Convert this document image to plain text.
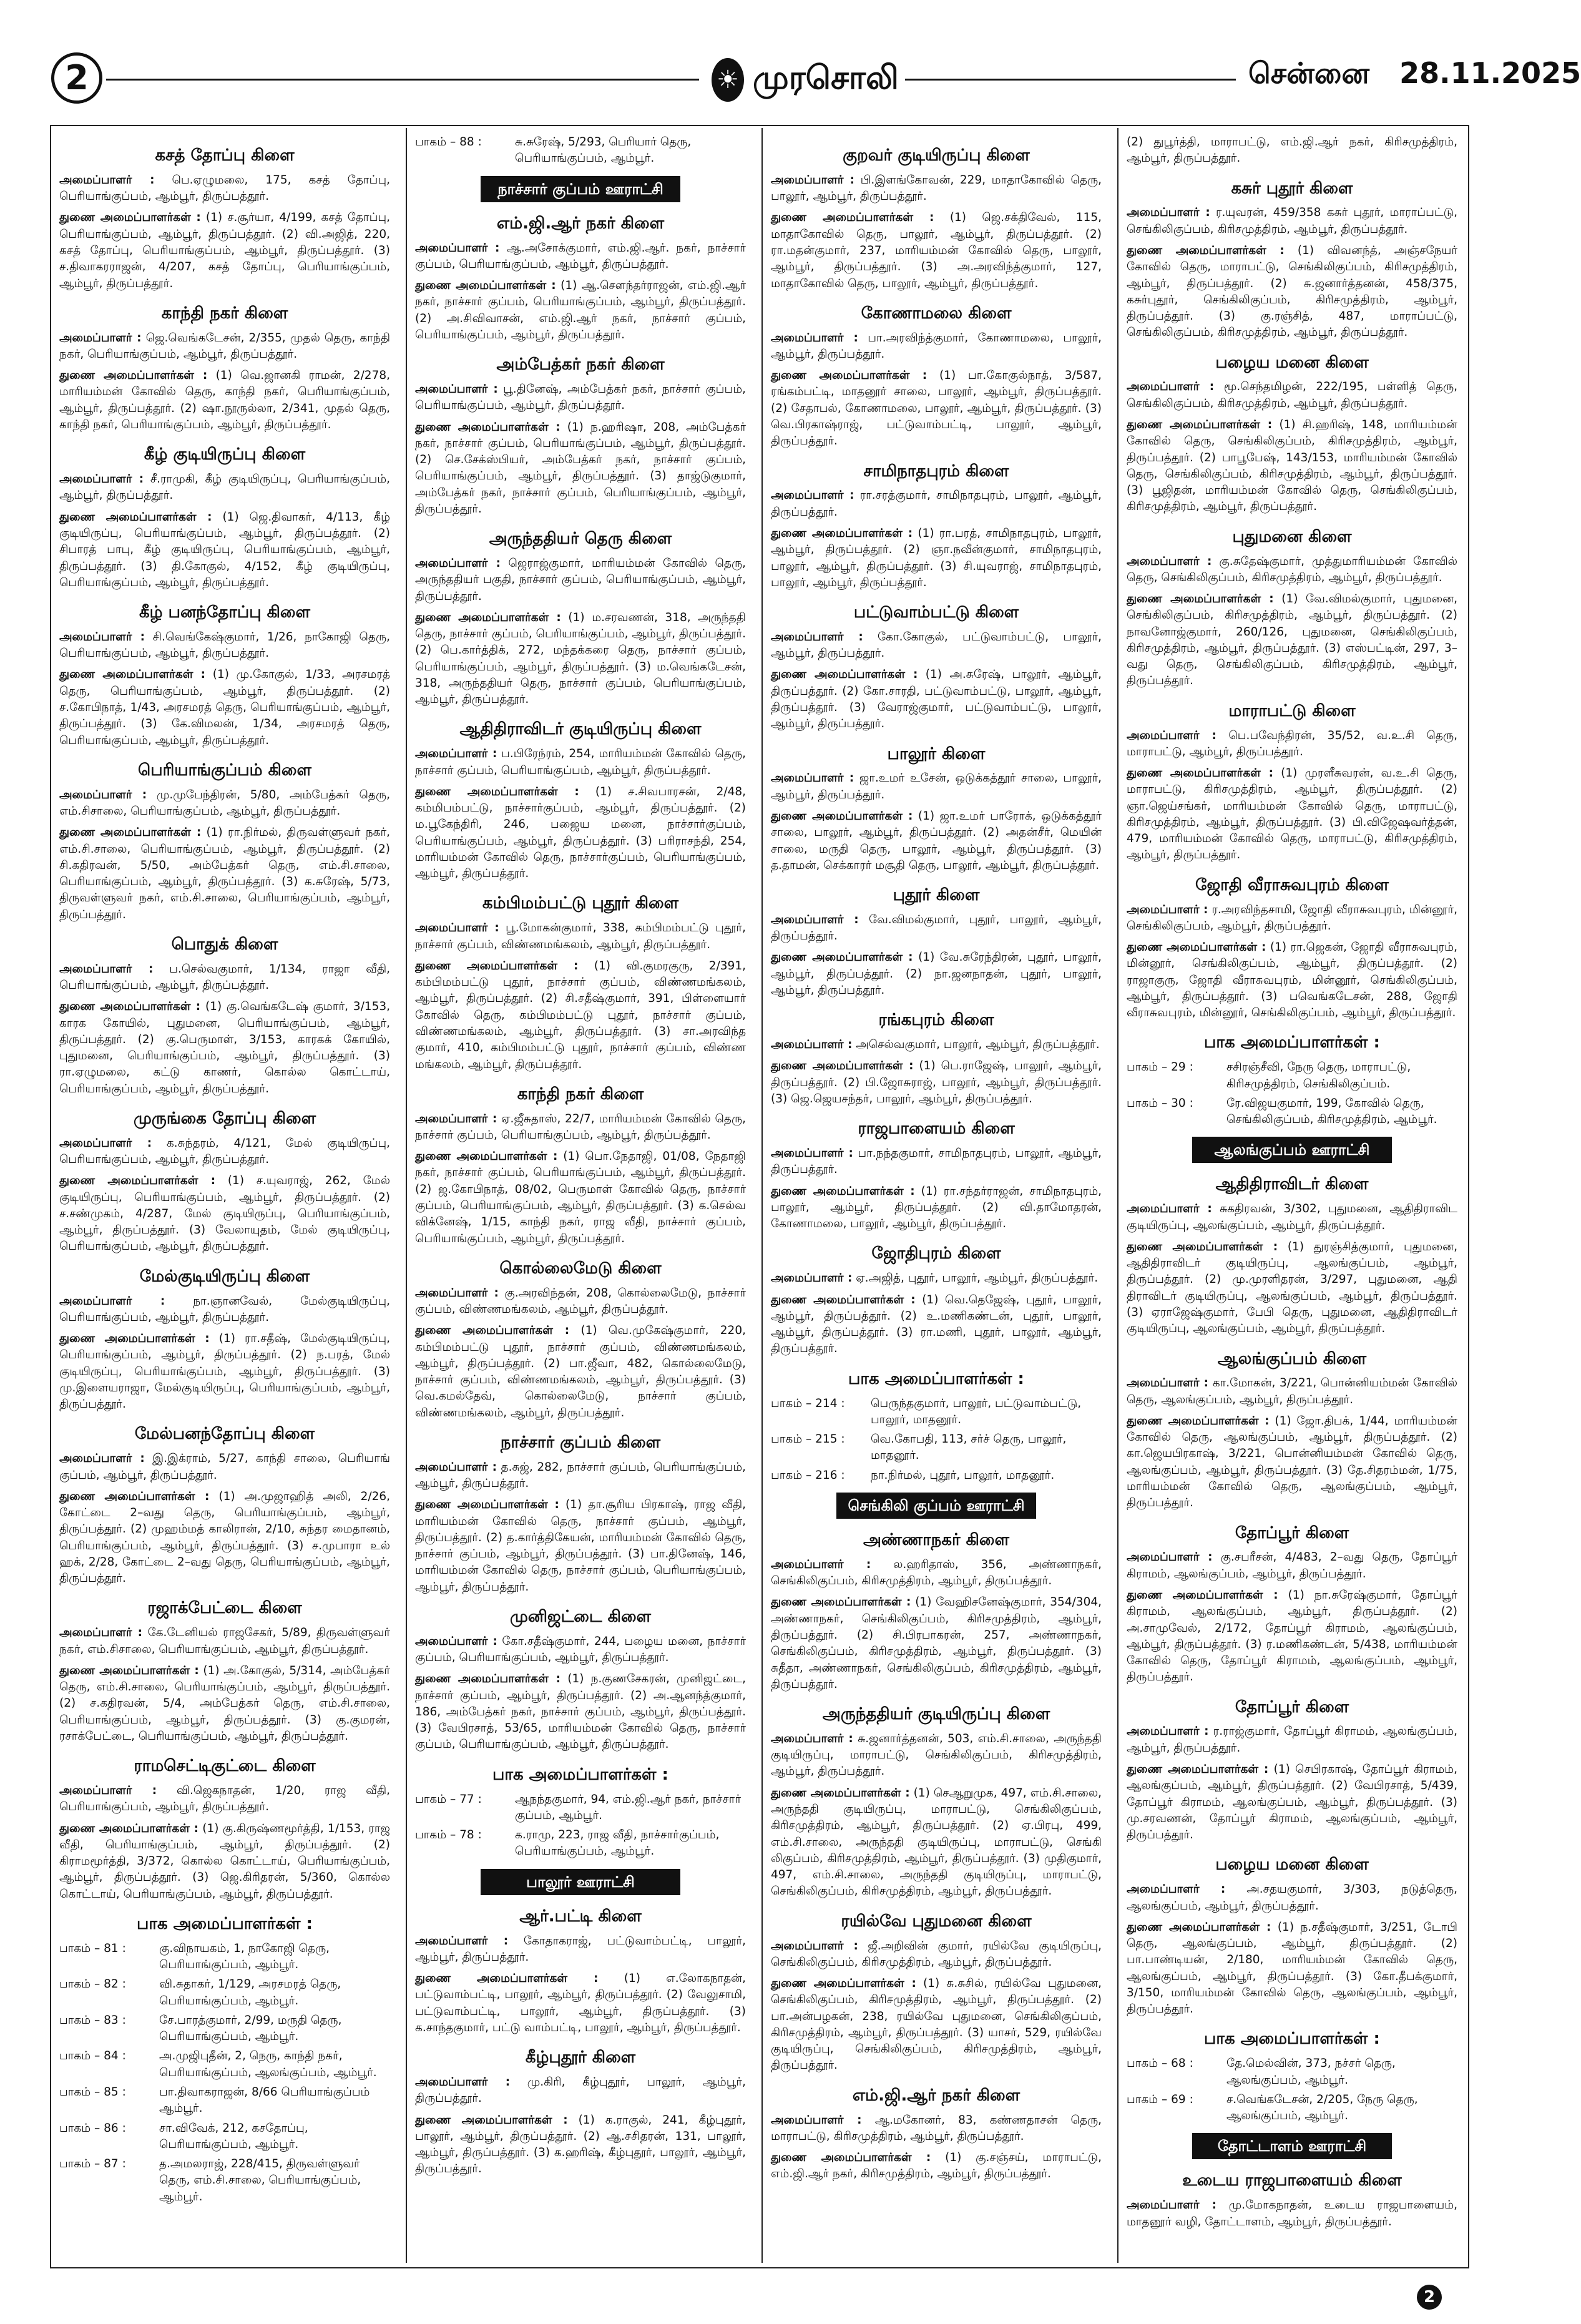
2	☀ முரசொலி	சென்னை 28.11.2025
கசத் தோப்பு கிளை
அமைப்பாளர் : பெ.ஏழுமலை, 175, கசத் தோப்பு, பெரியாங்குப்பம், ஆம்பூர், திருப்பத்தூர்.
துணை அமைப்பாளர்கள் : (1) ச.சூர்யா, 4/199, கசத் தோப்பு, பெரியாங்குப்பம், ஆம்பூர், திருப்பத்தூர். (2) வி.அஜித், 220, கசத் தோப்பு, பெரியாங்குப்பம், ஆம்பூர், திருப்பத்தூர். (3) ச.திவாகரராஜன், 4/207, கசத் தோப்பு, பெரியாங்குப்பம், ஆம்பூர், திருப்பத்தூர்.
காந்தி நகர் கிளை
அமைப்பாளர் : ஜெ.வெங்கடேசன், 2/355, முதல் தெரு, காந்தி நகர், பெரியாங்குப்பம், ஆம்பூர், திருப்பத்தூர்.
துணை அமைப்பாளர்கள் : (1) வெ.ஜானகி ராமன், 2/278, மாரியம்மன் கோவில் தெரு, காந்தி நகர், பெரியாங்குப்பம், ஆம்பூர், திருப்பத்தூர். (2) ஷா.நூருல்லா, 2/341, முதல் தெரு, காந்தி நகர், பெரியாங்குப்பம், ஆம்பூர், திருப்பத்தூர்.
கீழ் குடியிருப்பு கிளை
அமைப்பாளர் : சீ.ராமுகி, கீழ் குடியிருப்பு, பெரியாங்குப்பம், ஆம்பூர், திருப்பத்தூர்.
துணை அமைப்பாளர்கள் : (1) ஜெ.திவாகர், 4/113, கீழ் குடியிருப்பு, பெரியாங்குப்பம், ஆம்பூர், திருப்பத்தூர். (2) சிபாரத் பாபு, கீழ் குடியிருப்பு, பெரியாங்குப்பம், ஆம்பூர், திருப்பத்தூர். (3) தி.கோகுல், 4/152, கீழ் குடியிருப்பு, பெரியாங்குப்பம், ஆம்பூர், திருப்பத்தூர்.
கீழ் பனந்தோப்பு கிளை
அமைப்பாளர் : சி.வெங்கேஷ்குமார், 1/26, நாகோஜி தெரு, பெரியாங்குப்பம், ஆம்பூர், திருப்பத்தூர்.
துணை அமைப்பாளர்கள் : (1) மு.கோகுல், 1/33, அரசமரத் தெரு, பெரியாங்குப்பம், ஆம்பூர், திருப்பத்தூர். (2) ச.கோபிநாத், 1/43, அரசமரத் தெரு, பெரியாங்குப்பம், ஆம்பூர், திருப்பத்தூர். (3) கே.விமலன், 1/34, அரசமரத் தெரு, பெரியாங்குப்பம், ஆம்பூர், திருப்பத்தூர்.
பெரியாங்குப்பம் கிளை
அமைப்பாளர் : மு.முபேந்திரன், 5/80, அம்பேத்கர் தெரு, எம்.சிசாலை, பெரியாங்குப்பம், ஆம்பூர், திருப்பத்தூர்.
துணை அமைப்பாளர்கள் : (1) ரா.நிர்மல், திருவள்ளுவர் நகர், எம்.சி.சாலை, பெரியாங்குப்பம், ஆம்பூர், திருப்பத்தூர். (2) சி.கதிரவன், 5/50, அம்பேத்கர் தெரு, எம்.சி.சாலை, பெரியாங்குப்பம், ஆம்பூர், திருப்பத்தூர். (3) க.சுரேஷ், 5/73, திருவள்ளுவர் நகர், எம்.சி.சாலை, பெரியாங்குப்பம், ஆம்பூர், திருப்பத்தூர்.
பொதுக் கிளை
அமைப்பாளர் : ப.செல்வகுமார், 1/134, ராஜா வீதி, பெரியாங்குப்பம், ஆம்பூர், திருப்பத்தூர்.
துணை அமைப்பாளர்கள் : (1) கு.வெங்கடேஷ் குமார், 3/153, காரக கோயில், புதுமனை, பெரியாங்குப்பம், ஆம்பூர், திருப்பத்தூர். (2) கு.பெருமாள், 3/153, காரகக் கோயில், புதுமனை, பெரியாங்குப்பம், ஆம்பூர், திருப்பத்தூர். (3) ரா.ஏழுமலை, கட்டு காணர், கொல்ல கொட்டாய், பெரியாங்குப்பம், ஆம்பூர், திருப்பத்தூர்.
முருங்கை தோப்பு கிளை
அமைப்பாளர் : க.சுந்தரம், 4/121, மேல் குடியிருப்பு, பெரியாங்குப்பம், ஆம்பூர், திருப்பத்தூர்.
துணை அமைப்பாளர்கள் : (1) ச.யுவராஜ், 262, மேல் குடியிருப்பு, பெரியாங்குப்பம், ஆம்பூர், திருப்பத்தூர். (2) ச.சண்முகம், 4/287, மேல் குடியிருப்பு, பெரியாங்குப்பம், ஆம்பூர், திருப்பத்தூர். (3) வேலாயுதம், மேல் குடியிருப்பு, பெரியாங்குப்பம், ஆம்பூர், திருப்பத்தூர்.
மேல்குடியிருப்பு கிளை
அமைப்பாளர் : நா.ஞானவேல், மேல்குடியிருப்பு, பெரியாங்குப்பம், ஆம்பூர், திருப்பத்தூர்.
துணை அமைப்பாளர்கள் : (1) ரா.சதீஷ், மேல்குடியிருப்பு, பெரியாங்குப்பம், ஆம்பூர், திருப்பத்தூர். (2) ந.பரத், மேல் குடியிருப்பு, பெரியாங்குப்பம், ஆம்பூர், திருப்பத்தூர். (3) மு.இளையராஜா, மேல்குடியிருப்பு, பெரியாங்குப்பம், ஆம்பூர், திருப்பத்தூர்.
மேல்பனந்தோப்பு கிளை
அமைப்பாளர் : இ.இக்ராம், 5/27, காந்தி சாலை, பெரியாங் குப்பம், ஆம்பூர், திருப்பத்தூர்.
துணை அமைப்பாளர்கள் : (1) அ.முஜாஹித் அலி, 2/26, கோட்டை 2–வது தெரு, பெரியாங்குப்பம், ஆம்பூர், திருப்பத்தூர். (2) முஹம்மத் காலிரான், 2/10, சுந்தர மைதானம், பெரியாங்குப்பம், ஆம்பூர், திருப்பத்தூர். (3) ச.முபாரா உல் ஹக், 2/28, கோட்டை 2–வது தெரு, பெரியாங்குப்பம், ஆம்பூர், திருப்பத்தூர்.
ரஜாக்பேட்டை கிளை
அமைப்பாளர் : கே.டேனியல் ராஜசேகர், 5/89, திருவள்ளுவர் நகர், எம்.சிசாலை, பெரியாங்குப்பம், ஆம்பூர், திருப்பத்தூர்.
துணை அமைப்பாளர்கள் : (1) அ.கோகுல், 5/314, அம்பேத்கர் தெரு, எம்.சி.சாலை, பெரியாங்குப்பம், ஆம்பூர், திருப்பத்தூர். (2) ச.கதிரவன், 5/4, அம்பேத்கர் தெரு, எம்.சி.சாலை, பெரியாங்குப்பம், ஆம்பூர், திருப்பத்தூர். (3) கு.குமரன், ரசாக்பேட்டை, பெரியாங்குப்பம், ஆம்பூர், திருப்பத்தூர்.
ராமசெட்டிகுட்டை கிளை
அமைப்பாளர் : வி.ஜெகநாதன், 1/20, ராஜ வீதி, பெரியாங்குப்பம், ஆம்பூர், திருப்பத்தூர்.
துணை அமைப்பாளர்கள் : (1) கு.கிருஷ்ணமூர்த்தி, 1/153, ராஜ வீதி, பெரியாங்குப்பம், ஆம்பூர், திருப்பத்தூர். (2) கிராமமூர்த்தி, 3/372, கொல்ல கொட்டாய், பெரியாங்குப்பம், ஆம்பூர், திருப்பத்தூர். (3) ஜெ.கிரிதரன், 5/360, கொல்ல கொட்டாய், பெரியாங்குப்பம், ஆம்பூர், திருப்பத்தூர்.
பாக அமைப்பாளர்கள் :
பாகம் – 81 :	கு.விநாயகம், 1, நாகோஜி தெரு, பெரியாங்குப்பம், ஆம்பூர்.
பாகம் – 82 :	வி.சுதாகர், 1/129, அரசமரத் தெரு, பெரியாங்குப்பம், ஆம்பூர்.
பாகம் – 83 :	சே.பாரத்குமார், 2/99, மருதி தெரு, பெரியாங்குப்பம், ஆம்பூர்.
பாகம் – 84 :	அ.முஜிபுதீன், 2, நெரு, காந்தி நகர், பெரியாங்குப்பம், ஆலங்குப்பம், ஆம்பூர்.
பாகம் – 85 :	பா.திவாகராஜன், 8/66 பெரியாங்குப்பம் ஆம்பூர்.
பாகம் – 86 :	சா.விவேக், 212, கசதோப்பு, பெரியாங்குப்பம், ஆம்பூர்.
பாகம் – 87 :	த.அமலராஜ், 228/415, திருவள்ளுவர் தெரு, எம்.சி.சாலை, பெரியாங்குப்பம், ஆம்பூர்.
பாகம் – 88 :	சு.சுரேஷ், 5/293, பெரியார் தெரு, பெரியாங்குப்பம், ஆம்பூர்.
நாச்சார் குப்பம் ஊராட்சி
எம்.ஜி.ஆர் நகர் கிளை
அமைப்பாளர் : ஆ.அசோக்குமார், எம்.ஜி.ஆர். நகர், நாச்சார் குப்பம், பெரியாங்குப்பம், ஆம்பூர், திருப்பத்தூர்.
துணை அமைப்பாளர்கள் : (1) ஆ.சௌந்தர்ராஜன், எம்.ஜி.ஆர் நகர், நாச்சார் குப்பம், பெரியாங்குப்பம், ஆம்பூர், திருப்பத்தூர். (2) அ.சிவிவாசன், எம்.ஜி.ஆர் நகர், நாச்சார் குப்பம், பெரியாங்குப்பம், ஆம்பூர், திருப்பத்தூர்.
அம்பேத்கர் நகர் கிளை
அமைப்பாளர் : பூ.தினேஷ், அம்பேத்கர் நகர், நாச்சார் குப்பம், பெரியாங்குப்பம், ஆம்பூர், திருப்பத்தூர்.
துணை அமைப்பாளர்கள் : (1) ந.ஹரிஷா, 208, அம்பேத்கர் நகர், நாச்சார் குப்பம், பெரியாங்குப்பம், ஆம்பூர், திருப்பத்தூர். (2) செ.சேக்ஸ்பியர், அம்பேத்கர் நகர், நாச்சார் குப்பம், பெரியாங்குப்பம், ஆம்பூர், திருப்பத்தூர். (3) தாஜ்டுகுமார், அம்பேத்கர் நகர், நாச்சார் குப்பம், பெரியாங்குப்பம், ஆம்பூர், திருப்பத்தூர்.
அருந்ததியர் தெரு கிளை
அமைப்பாளர் : ஜெராஜ்குமார், மாரியம்மன் கோவில் தெரு, அருந்ததியர் பகுதி, நாச்சார் குப்பம், பெரியாங்குப்பம், ஆம்பூர், திருப்பத்தூர்.
துணை அமைப்பாளர்கள் : (1) ம.சரவணன், 318, அருந்ததி தெரு, நாச்சார் குப்பம், பெரியாங்குப்பம், ஆம்பூர், திருப்பத்தூர். (2) பெ.கார்த்திக், 272, மந்தக்கரை தெரு, நாச்சார் குப்பம், பெரியாங்குப்பம், ஆம்பூர், திருப்பத்தூர். (3) ம.வெங்கடேசன், 318, அருந்ததியர் தெரு, நாச்சார் குப்பம், பெரியாங்குப்பம், ஆம்பூர், திருப்பத்தூர்.
ஆதிதிராவிடர் குடியிருப்பு கிளை
அமைப்பாளர் : ப.பிரேந்ரம், 254, மாரியம்மன் கோவில் தெரு, நாச்சார் குப்பம், பெரியாங்குப்பம், ஆம்பூர், திருப்பத்தூர்.
துணை அமைப்பாளர்கள் : (1) ச.சிவபாரசன், 2/48, கம்மிபம்பட்டு, நாச்சார்குப்பம், ஆம்பூர், திருப்பத்தூர். (2) ம.பூகேந்திரி, 246, பஜைய மனை, நாச்சார்குப்பம், பெரியாங்குப்பம், ஆம்பூர், திருப்பத்தூர். (3) பரிராசந்தி, 254, மாரியம்மன் கோவில் தெரு, நாச்சார்குப்பம், பெரியாங்குப்பம், ஆம்பூர், திருப்பத்தூர்.
கம்பிமம்பட்டு புதூர் கிளை
அமைப்பாளர் : பூ.மோகன்குமார், 338, கம்பிமம்பட்டு புதூர், நாச்சார் குப்பம், விண்ணமங்கலம், ஆம்பூர், திருப்பத்தூர்.
துணை அமைப்பாளர்கள் : (1) வி.குமரகுரு, 2/391, கம்பிமம்பட்டு புதூர், நாச்சார் குப்பம், விண்ணமங்கலம், ஆம்பூர், திருப்பத்தூர். (2) சி.சதீஷ்குமார், 391, பிள்ளையார் கோவில் தெரு, கம்பிமம்பட்டு புதூர், நாச்சார் குப்பம், விண்ணமங்கலம், ஆம்பூர், திருப்பத்தூர். (3) சா.அரவிந்த குமார், 410, கம்பிமம்பட்டு புதூர், நாச்சார் குப்பம், விண்ண மங்கலம், ஆம்பூர், திருப்பத்தூர்.
காந்தி நகர் கிளை
அமைப்பாளர் : ஏ.ஜீசுதாஸ், 22/7, மாரியம்மன் கோவில் தெரு, நாச்சார் குப்பம், பெரியாங்குப்பம், ஆம்பூர், திருப்பத்தூர்.
துணை அமைப்பாளர்கள் : (1) பொ.நேதாஜி, 01/08, நேதாஜி நகர், நாச்சார் குப்பம், பெரியாங்குப்பம், ஆம்பூர், திருப்பத்தூர். (2) ஜ.கோபிநாத், 08/02, பெருமாள் கோவில் தெரு, நாச்சார் குப்பம், பெரியாங்குப்பம், ஆம்பூர், திருப்பத்தூர். (3) க.செல்வ விக்னேஷ், 1/15, காந்தி நகர், ராஜ வீதி, நாச்சார் குப்பம், பெரியாங்குப்பம், ஆம்பூர், திருப்பத்தூர்.
கொல்லைமேடு கிளை
அமைப்பாளர் : கு.அரவிந்தன், 208, கொல்லைமேடு, நாச்சார் குப்பம், விண்ணமங்கலம், ஆம்பூர், திருப்பத்தூர்.
துணை அமைப்பாளர்கள் : (1) வெ.முகேஷ்குமார், 220, கம்பிமம்பட்டு புதூர், நாச்சார் குப்பம், விண்ணமங்கலம், ஆம்பூர், திருப்பத்தூர். (2) பா.ஜீவா, 482, கொல்லைமேடு, நாச்சார் குப்பம், விண்ணமங்கலம், ஆம்பூர், திருப்பத்தூர். (3) வெ.கமல்தேவ், கொல்லைமேடு, நாச்சார் குப்பம், விண்ணமங்கலம், ஆம்பூர், திருப்பத்தூர்.
நாச்சார் குப்பம் கிளை
அமைப்பாளர் : த.சுஜ், 282, நாச்சார் குப்பம், பெரியாங்குப்பம், ஆம்பூர், திருப்பத்தூர்.
துணை அமைப்பாளர்கள் : (1) தா.சூரிய பிரகாஷ், ராஜ வீதி, மாரியம்மன் கோவில் தெரு, நாச்சார் குப்பம், ஆம்பூர், திருப்பத்தூர். (2) த.கார்த்திகேயன், மாரியம்மன் கோவில் தெரு, நாச்சார் குப்பம், ஆம்பூர், திருப்பத்தூர். (3) பா.தினேஷ், 146, மாரியம்மன் கோவில் தெரு, நாச்சார் குப்பம், பெரியாங்குப்பம், ஆம்பூர், திருப்பத்தூர்.
முனிஜட்டை கிளை
அமைப்பாளர் : கோ.சதீஷ்குமார், 244, பழைய மனை, நாச்சார் குப்பம், பெரியாங்குப்பம், ஆம்பூர், திருப்பத்தூர்.
துணை அமைப்பாளர்கள் : (1) ந.குணசேகரன், முனிஜட்டை, நாச்சார் குப்பம், ஆம்பூர், திருப்பத்தூர். (2) அ.ஆனந்த்குமார், 186, அம்பேத்கர் நகர், நாச்சார் குப்பம், ஆம்பூர், திருப்பத்தூர். (3) வேபிரசாத், 53/65, மாரியம்மன் கோவில் தெரு, நாச்சார் குப்பம், பெரியாங்குப்பம், ஆம்பூர், திருப்பத்தூர்.
பாக அமைப்பாளர்கள் :
பாகம் – 77 :	ஆநந்தகுமார், 94, எம்.ஜி.ஆர் நகர், நாச்சார் குப்பம், ஆம்பூர்.
பாகம் – 78 :	க.ராமு, 223, ராஜ வீதி, நாச்சார்குப்பம், பெரியாங்குப்பம், ஆம்பூர்.
பாலூர் ஊராட்சி
ஆர்.பட்டி கிளை
அமைப்பாளர் : கோதாகராஜ், பட்டுவாம்பட்டி, பாலூர், ஆம்பூர், திருப்பத்தூர்.
துணை அமைப்பாளர்கள் : (1) எ.லோகநாதன், பட்டுவாம்பட்டி, பாலூர், ஆம்பூர், திருப்பத்தூர். (2) வேலுசாமி, பட்டுவாம்பட்டி, பாலூர், ஆம்பூர், திருப்பத்தூர். (3) க.சாந்தகுமார், பட்டு வாம்பட்டி, பாலூர், ஆம்பூர், திருப்பத்தூர்.
கீழ்புதூர் கிளை
அமைப்பாளர் : மு.கிரி, கீழ்புதூர், பாலூர், ஆம்பூர், திருப்பத்தூர்.
துணை அமைப்பாளர்கள் : (1) க.ராகுல், 241, கீழ்புதூர், பாலூர், ஆம்பூர், திருப்பத்தூர். (2) ஆ.சசிதரன், 131, பாலூர், ஆம்பூர், திருப்பத்தூர். (3) க.ஹரிஷ், கீழ்புதூர், பாலூர், ஆம்பூர், திருப்பத்தூர்.
குறவர் குடியிருப்பு கிளை
அமைப்பாளர் : பி.இளங்கோவன், 229, மாதாகோவில் தெரு, பாலூர், ஆம்பூர், திருப்பத்தூர்.
துணை அமைப்பாளர்கள் : (1) ஜெ.சக்திவேல், 115, மாதாகோவில் தெரு, பாலூர், ஆம்பூர், திருப்பத்தூர். (2) ரா.மதன்குமார், 237, மாரியம்மன் கோவில் தெரு, பாலூர், ஆம்பூர், திருப்பத்தூர். (3) அ.அரவிந்த்குமார், 127, மாதாகோவில் தெரு, பாலூர், ஆம்பூர், திருப்பத்தூர்.
கோணாமலை கிளை
அமைப்பாளர் : பா.அரவிந்த்குமார், கோணாமலை, பாலூர், ஆம்பூர், திருப்பத்தூர்.
துணை அமைப்பாளர்கள் : (1) பா.கோகுல்நாத், 3/587, ரங்கம்பட்டி, மாதனூர் சாலை, பாலூர், ஆம்பூர், திருப்பத்தூர். (2) சேதாபல், கோணாமலை, பாலூர், ஆம்பூர், திருப்பத்தூர். (3) வெ.பிரகாஷ்ராஜ், பட்டுவாம்பட்டி, பாலூர், ஆம்பூர், திருப்பத்தூர்.
சாமிநாதபுரம் கிளை
அமைப்பாளர் : ரா.சரத்குமார், சாமிநாதபுரம், பாலூர், ஆம்பூர், திருப்பத்தூர்.
துணை அமைப்பாளர்கள் : (1) ரா.பரத், சாமிநாதபுரம், பாலூர், ஆம்பூர், திருப்பத்தூர். (2) ஞா.நவீன்குமார், சாமிநாதபுரம், பாலூர், ஆம்பூர், திருப்பத்தூர். (3) சி.யுவராஜ், சாமிநாதபுரம், பாலூர், ஆம்பூர், திருப்பத்தூர்.
பட்டுவாம்பட்டு கிளை
அமைப்பாளர் : கோ.கோகுல், பட்டுவாம்பட்டு, பாலூர், ஆம்பூர், திருப்பத்தூர்.
துணை அமைப்பாளர்கள் : (1) அ.சுரேஷ், பாலூர், ஆம்பூர், திருப்பத்தூர். (2) கோ.சாரதி, பட்டுவாம்பட்டு, பாலூர், ஆம்பூர், திருப்பத்தூர். (3) வேராஜ்குமார், பட்டுவாம்பட்டு, பாலூர், ஆம்பூர், திருப்பத்தூர்.
பாலூர் கிளை
அமைப்பாளர் : ஜா.உமர் உசேன், ஒடுக்கத்தூர் சாலை, பாலூர், ஆம்பூர், திருப்பத்தூர்.
துணை அமைப்பாளர்கள் : (1) ஜா.உமர் பாரோக், ஒடுக்கத்தூர் சாலை, பாலூர், ஆம்பூர், திருப்பத்தூர். (2) அதன்சீர், மெயின் சாலை, மருதி தெரு, பாலூர், ஆம்பூர், திருப்பத்தூர். (3) த.தாமன், செக்காரர் மசூதி தெரு, பாலூர், ஆம்பூர், திருப்பத்தூர்.
புதூர் கிளை
அமைப்பாளர் : வே.விமல்குமார், புதூர், பாலூர், ஆம்பூர், திருப்பத்தூர்.
துணை அமைப்பாளர்கள் : (1) வே.சுரேந்திரன், புதூர், பாலூர், ஆம்பூர், திருப்பத்தூர். (2) நா.ஜனநாதன், புதூர், பாலூர், ஆம்பூர், திருப்பத்தூர்.
ரங்கபுரம் கிளை
அமைப்பாளர் : அசெல்வகுமார், பாலூர், ஆம்பூர், திருப்பத்தூர்.
துணை அமைப்பாளர்கள் : (1) பெ.ராஜேஷ், பாலூர், ஆம்பூர், திருப்பத்தூர். (2) பி.ஜோசுராஜ், பாலூர், ஆம்பூர், திருப்பத்தூர். (3) ஜெ.ஜெயசந்தர், பாலூர், ஆம்பூர், திருப்பத்தூர்.
ராஜபாளையம் கிளை
அமைப்பாளர் : பா.நந்தகுமார், சாமிநாதபுரம், பாலூர், ஆம்பூர், திருப்பத்தூர்.
துணை அமைப்பாளர்கள் : (1) ரா.சந்தர்ராஜன், சாமிநாதபுரம், பாலூர், ஆம்பூர், திருப்பத்தூர். (2) வி.தாமோதரன், கோணாமலை, பாலூர், ஆம்பூர், திருப்பத்தூர்.
ஜோதிபுரம் கிளை
அமைப்பாளர் : ஏ.அஜித், புதூர், பாலூர், ஆம்பூர், திருப்பத்தூர்.
துணை அமைப்பாளர்கள் : (1) வெ.தெஜேஷ், புதூர், பாலூர், ஆம்பூர், திருப்பத்தூர். (2) உ.மணிகண்டன், புதூர், பாலூர், ஆம்பூர், திருப்பத்தூர். (3) ரா.மணி, புதூர், பாலூர், ஆம்பூர், திருப்பத்தூர்.
பாக அமைப்பாளர்கள் :
பாகம் – 214 :	பெருந்தகுமார், பாலூர், பட்டுவாம்பட்டு, பாலூர், மாதனூர்.
பாகம் – 215 :	வெ.கோபதி, 113, சர்ச் தெரு, பாலூர், மாதனூர்.
பாகம் – 216 :	நா.நிர்மல், புதூர், பாலூர், மாதனூர்.
செங்கிலி குப்பம் ஊராட்சி
அண்ணாநகர் கிளை
அமைப்பாளர் : ல.ஹரிதாஸ், 356, அண்ணாநகர், செங்கிலிகுப்பம், கிரிசமுத்திரம், ஆம்பூர், திருப்பத்தூர்.
துணை அமைப்பாளர்கள் : (1) வேஹிசனேஷ்குமார், 354/304, அண்ணாநகர், செங்கிலிகுப்பம், கிரிசமுத்திரம், ஆம்பூர், திருப்பத்தூர். (2) சி.பிரபாகரன், 257, அண்ணாநகர், செங்கிலிகுப்பம், கிரிசமுத்திரம், ஆம்பூர், திருப்பத்தூர். (3) சுதீதா, அண்ணாநகர், செங்கிலிகுப்பம், கிரிசமுத்திரம், ஆம்பூர், திருப்பத்தூர்.
அருந்ததியர் குடியிருப்பு கிளை
அமைப்பாளர் : சு.ஜனார்த்தனன், 503, எம்.சி.சாலை, அருந்ததி குடியிருப்பு, மாராபட்டு, செங்கிலிகுப்பம், கிரிசமுத்திரம், ஆம்பூர், திருப்பத்தூர்.
துணை அமைப்பாளர்கள் : (1) செஆறுமுக, 497, எம்.சி.சாலை, அருந்ததி குடியிருப்பு, மாராபட்டு, செங்கிலிகுப்பம், கிரிசமுத்திரம், ஆம்பூர், திருப்பத்தூர். (2) ஏ.பிரபு, 499, எம்.சி.சாலை, அருந்ததி குடியிருப்பு, மாராபட்டு, செங்கி லிகுப்பம், கிரிசமுத்திரம், ஆம்பூர், திருப்பத்தூர். (3) முதிகுமார், 497, எம்.சி.சாலை, அருந்ததி குடியிருப்பு, மாராபட்டு, செங்கிலிகுப்பம், கிரிசமுத்திரம், ஆம்பூர், திருப்பத்தூர்.
ரயில்வே புதுமனை கிளை
அமைப்பாளர் : ஜீ.அறிவின் குமார், ரயில்வே குடியிருப்பு, செங்கிலிகுப்பம், கிரிசமுத்திரம், ஆம்பூர், திருப்பத்தூர்.
துணை அமைப்பாளர்கள் : (1) சு.சுசில், ரயில்வே புதுமனை, செங்கிலிகுப்பம், கிரிசமுத்திரம், ஆம்பூர், திருப்பத்தூர். (2) பா.அன்பழகன், 238, ரயில்வே புதுமனை, செங்கிலிகுப்பம், கிரிசமுத்திரம், ஆம்பூர், திருப்பத்தூர். (3) யாசர், 529, ரயில்வே குடியிருப்பு, செங்கிலிகுப்பம், கிரிசமுத்திரம், ஆம்பூர், திருப்பத்தூர்.
எம்.ஜி.ஆர் நகர் கிளை
அமைப்பாளர் : ஆ.மகோனர், 83, கண்ணதாசன் தெரு, மாராபட்டு, கிரிசமுத்திரம், ஆம்பூர், திருப்பத்தூர்.
துணை அமைப்பாளர்கள் : (1) கு.சஞ்சய், மாராபட்டு, எம்.ஜி.ஆர் நகர், கிரிசமுத்திரம், ஆம்பூர், திருப்பத்தூர்.
(2) துபூர்த்தி, மாராபட்டு, எம்.ஜி.ஆர் நகர், கிரிசமுத்திரம், ஆம்பூர், திருப்பத்தூர்.
கசுர் புதூர் கிளை
அமைப்பாளர் : ர.யுவரன், 459/358 கசுர் புதூர், மாராப்பட்டு, செங்கிலிகுப்பம், கிரிசமுத்திரம், ஆம்பூர், திருப்பத்தூர்.
துணை அமைப்பாளர்கள் : (1) விவனந்த், அஞ்சநேயர் கோவில் தெரு, மாராபட்டு, செங்கிலிகுப்பம், கிரிசமுத்திரம், ஆம்பூர், திருப்பத்தூர். (2) சு.ஜனார்த்தனன், 458/375, கசுர்புதூர், செங்கிலிகுப்பம், கிரிசமுத்திரம், ஆம்பூர், திருப்பத்தூர். (3) கு.ரஞ்சித், 487, மாராப்பட்டு, செங்கிலிகுப்பம், கிரிசமுத்திரம், ஆம்பூர், திருப்பத்தூர்.
பழைய மனை கிளை
அமைப்பாளர் : மூ.செந்தமிழன், 222/195, பள்ளித் தெரு, செங்கிலிகுப்பம், கிரிசமுத்திரம், ஆம்பூர், திருப்பத்தூர்.
துணை அமைப்பாளர்கள் : (1) சி.ஹரிஷ், 148, மாரியம்மன் கோவில் தெரு, செங்கிலிகுப்பம், கிரிசமுத்திரம், ஆம்பூர், திருப்பத்தூர். (2) பாபூபேஷ், 143/153, மாரியம்மன் கோவில் தெரு, செங்கிலிகுப்பம், கிரிசமுத்திரம், ஆம்பூர், திருப்பத்தூர். (3) பூஜிதன், மாரியம்மன் கோவில் தெரு, செங்கிலிகுப்பம், கிரிசமுத்திரம், ஆம்பூர், திருப்பத்தூர்.
புதுமனை கிளை
அமைப்பாளர் : கு.சுதேஷ்குமார், முத்துமாரியம்மன் கோவில் தெரு, செங்கிலிகுப்பம், கிரிசமுத்திரம், ஆம்பூர், திருப்பத்தூர்.
துணை அமைப்பாளர்கள் : (1) வே.விமல்குமார், புதுமனை, செங்கிலிகுப்பம், கிரிசமுத்திரம், ஆம்பூர், திருப்பத்தூர். (2) நாவனோஜ்குமார், 260/126, புதுமனை, செங்கிலிகுப்பம், கிரிசமுத்திரம், ஆம்பூர், திருப்பத்தூர். (3) எஸ்பட்டின், 297, 3–வது தெரு, செங்கிலிகுப்பம், கிரிசமுத்திரம், ஆம்பூர், திருப்பத்தூர்.
மாராபட்டு கிளை
அமைப்பாளர் : பெ.பவேந்திரன், 35/52, வ.உ.சி தெரு, மாராபட்டு, ஆம்பூர், திருப்பத்தூர்.
துணை அமைப்பாளர்கள் : (1) முரளீசுவரன், வ.உ.சி தெரு, மாராபட்டு, கிரிசமுத்திரம், ஆம்பூர், திருப்பத்தூர். (2) ஞா.ஜெய்சங்கர், மாரியம்மன் கோவில் தெரு, மாராபட்டு, கிரிசமுத்திரம், ஆம்பூர், திருப்பத்தூர். (3) பி.விஜேஷவர்த்தன், 479, மாரியம்மன் கோவில் தெரு, மாராபட்டு, கிரிசமுத்திரம், ஆம்பூர், திருப்பத்தூர்.
ஜோதி வீராசுவபுரம் கிளை
அமைப்பாளர் : ர.அரவிந்தசாமி, ஜோதி வீராசுவபுரம், மின்னூர், செங்கிலிகுப்பம், ஆம்பூர், திருப்பத்தூர்.
துணை அமைப்பாளர்கள் : (1) ரா.ஜெகன், ஜோதி வீராசுவபுரம், மின்னூர், செங்கிலிகுப்பம், ஆம்பூர், திருப்பத்தூர். (2) ராஜாகுரு, ஜோதி வீராசுவபுரம், மின்னூர், செங்கிலிகுப்பம், ஆம்பூர், திருப்பத்தூர். (3) பவெங்கடேசன், 288, ஜோதி வீராசுவபுரம், மின்னூர், செங்கிலிகுப்பம், ஆம்பூர், திருப்பத்தூர்.
பாக அமைப்பாளர்கள் :
பாகம் – 29 :	சசிரஞ்சீவி, நேரு தெரு, மாராபட்டு, கிரிசமுத்திரம், செங்கிலிகுப்பம்.
பாகம் – 30 :	ரே.விஜயகுமார், 199, கோவில் தெரு, செங்கிலிகுப்பம், கிரிசமுத்திரம், ஆம்பூர்.
ஆலங்குப்பம் ஊராட்சி
ஆதிதிராவிடர் கிளை
அமைப்பாளர் : சுகதிரவன், 3/302, புதுமனை, ஆதிதிராவிட குடியிருப்பு, ஆலங்குப்பம், ஆம்பூர், திருப்பத்தூர்.
துணை அமைப்பாளர்கள் : (1) துரஞ்சித்குமார், புதுமனை, ஆதிதிராவிடர் குடியிருப்பு, ஆலங்குப்பம், ஆம்பூர், திருப்பத்தூர். (2) மு.முரளிதரன், 3/297, புதுமனை, ஆதி திராவிடர் குடியிருப்பு, ஆலங்குப்பம், ஆம்பூர், திருப்பத்தூர். (3) ஏராஜேஷ்குமார், பேபி தெரு, புதுமனை, ஆதிதிராவிடர் குடியிருப்பு, ஆலங்குப்பம், ஆம்பூர், திருப்பத்தூர்.
ஆலங்குப்பம் கிளை
அமைப்பாளர் : கா.மோகன், 3/221, பொன்னியம்மன் கோவில் தெரு, ஆலங்குப்பம், ஆம்பூர், திருப்பத்தூர்.
துணை அமைப்பாளர்கள் : (1) ஜோ.திபக், 1/44, மாரியம்மன் கோவில் தெரு, ஆலங்குப்பம், ஆம்பூர், திருப்பத்தூர். (2) கா.ஜெயபிரகாஷ், 3/221, பொன்னியம்மன் கோவில் தெரு, ஆலங்குப்பம், ஆம்பூர், திருப்பத்தூர். (3) தே.சிதரம்மன், 1/75, மாரியம்மன் கோவில் தெரு, ஆலங்குப்பம், ஆம்பூர், திருப்பத்தூர்.
தோப்பூர் கிளை
அமைப்பாளர் : கு.சபரீசன், 4/483, 2–வது தெரு, தோப்பூர் கிராமம், ஆலங்குப்பம், ஆம்பூர், திருப்பத்தூர்.
துணை அமைப்பாளர்கள் : (1) நா.சுரேஷ்குமார், தோப்பூர் கிராமம், ஆலங்குப்பம், ஆம்பூர், திருப்பத்தூர். (2) அ.சாமுவேல், 2/172, தோப்பூர் கிராமம், ஆலங்குப்பம், ஆம்பூர், திருப்பத்தூர். (3) ர.மணிகண்டன், 5/438, மாரியம்மன் கோவில் தெரு, தோப்பூர் கிராமம், ஆலங்குப்பம், ஆம்பூர், திருப்பத்தூர்.
தோப்பூர் கிளை
அமைப்பாளர் : ர.ராஜ்குமார், தோப்பூர் கிராமம், ஆலங்குப்பம், ஆம்பூர், திருப்பத்தூர்.
துணை அமைப்பாளர்கள் : (1) செபிரகாஷ், தோப்பூர் கிராமம், ஆலங்குப்பம், ஆம்பூர், திருப்பத்தூர். (2) வேபிரசாத், 5/439, தோப்பூர் கிராமம், ஆலங்குப்பம், ஆம்பூர், திருப்பத்தூர். (3) மு.சரவணன், தோப்பூர் கிராமம், ஆலங்குப்பம், ஆம்பூர், திருப்பத்தூர்.
பழைய மனை கிளை
அமைப்பாளர் : அ.சதயகுமார், 3/303, நடுத்தெரு, ஆலங்குப்பம், ஆம்பூர், திருப்பத்தூர்.
துணை அமைப்பாளர்கள் : (1) ந.சதீஷ்குமார், 3/251, டோபி தெரு, ஆலங்குப்பம், ஆம்பூர், திருப்பத்தூர். (2) பா.பாண்டியன், 2/180, மாரியம்மன் கோவில் தெரு, ஆலங்குப்பம், ஆம்பூர், திருப்பத்தூர். (3) கோ.தீபக்குமார், 3/150, மாரியம்மன் கோவில் தெரு, ஆலங்குப்பம், ஆம்பூர், திருப்பத்தூர்.
பாக அமைப்பாளர்கள் :
பாகம் – 68 :	தே.மெல்வின், 373, நச்சர் தெரு, ஆலங்குப்பம், ஆம்பூர்.
பாகம் – 69 :	ச.வெங்கடேசன், 2/205, நேரு தெரு, ஆலங்குப்பம், ஆம்பூர்.
தோட்டாளம் ஊராட்சி
உடைய ராஜபாளையம் கிளை
அமைப்பாளர் : மு.மோகநாதன், உடைய ராஜபாளையம், மாதனூர் வழி, தோட்டாளம், ஆம்பூர், திருப்பத்தூர்.
2
